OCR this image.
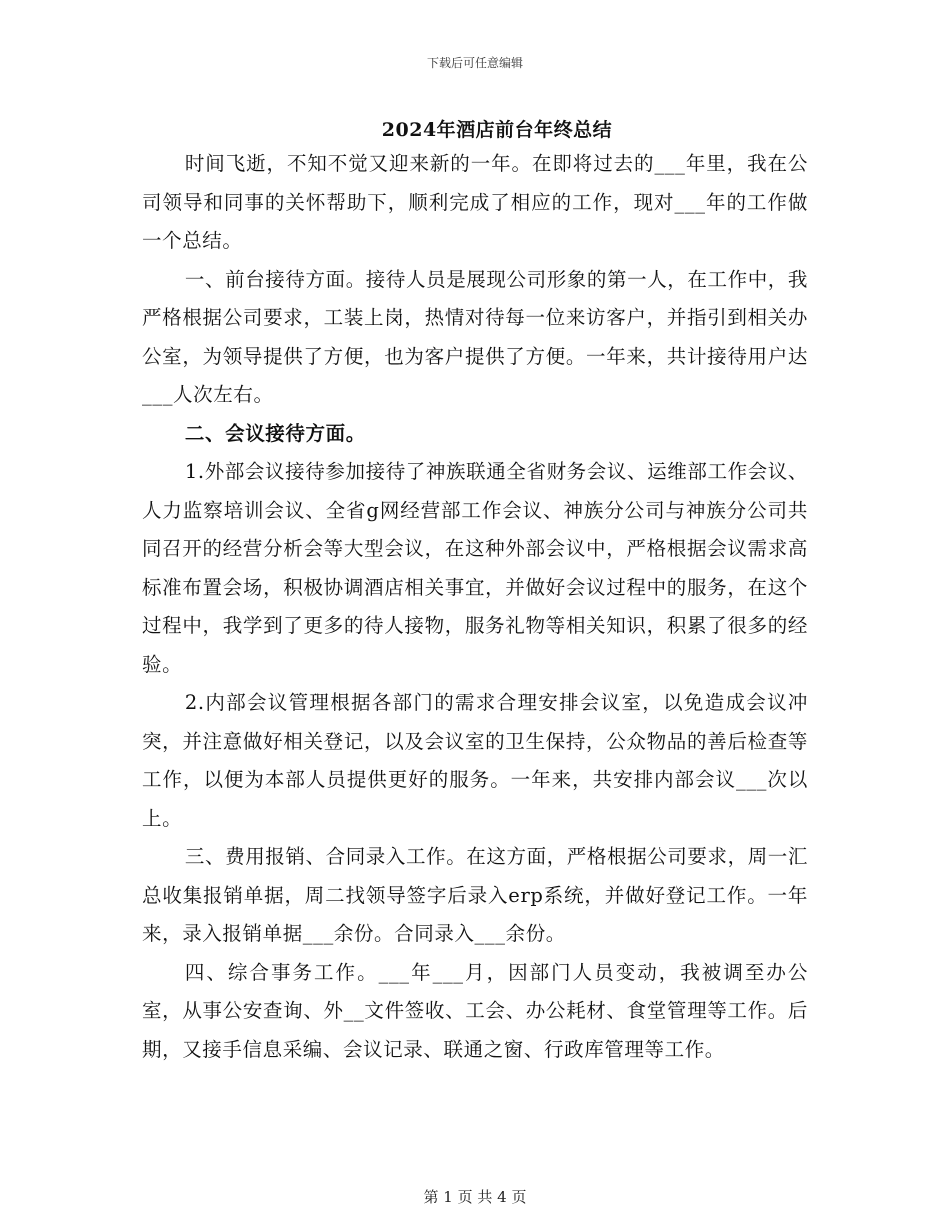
下载后可任意编辑
2024年酒店前台年终总结

时间飞逝，不知不觉又迎来新的一年。在即将过去的___年里，我在公司领导和同事的关怀帮助下，顺利完成了相应的工作，现对___年的工作做一个总结。

一、前台接待方面。接待人员是展现公司形象的第一人，在工作中，我严格根据公司要求，工装上岗，热情对待每一位来访客户，并指引到相关办公室，为领导提供了方便，也为客户提供了方便。一年来，共计接待用户达___人次左右。

二、会议接待方面。

1.外部会议接待参加接待了神族联通全省财务会议、运维部工作会议、人力监察培训会议、全省g网经营部工作会议、神族分公司与神族分公司共同召开的经营分析会等大型会议，在这种外部会议中，严格根据会议需求高标准布置会场，积极协调酒店相关事宜，并做好会议过程中的服务，在这个过程中，我学到了更多的待人接物，服务礼物等相关知识，积累了很多的经验。

2.内部会议管理根据各部门的需求合理安排会议室，以免造成会议冲突，并注意做好相关登记，以及会议室的卫生保持，公众物品的善后检查等工作，以便为本部人员提供更好的服务。一年来，共安排内部会议___次以上。

三、费用报销、合同录入工作。在这方面，严格根据公司要求，周一汇总收集报销单据，周二找领导签字后录入erp系统，并做好登记工作。一年来，录入报销单据___余份。合同录入___余份。

四、综合事务工作。___年___月，因部门人员变动，我被调至办公室，从事公安查询、外__文件签收、工会、办公耗材、食堂管理等工作。后期，又接手信息采编、会议记录、联通之窗、行政库管理等工作。

第 1 页 共 4 页
